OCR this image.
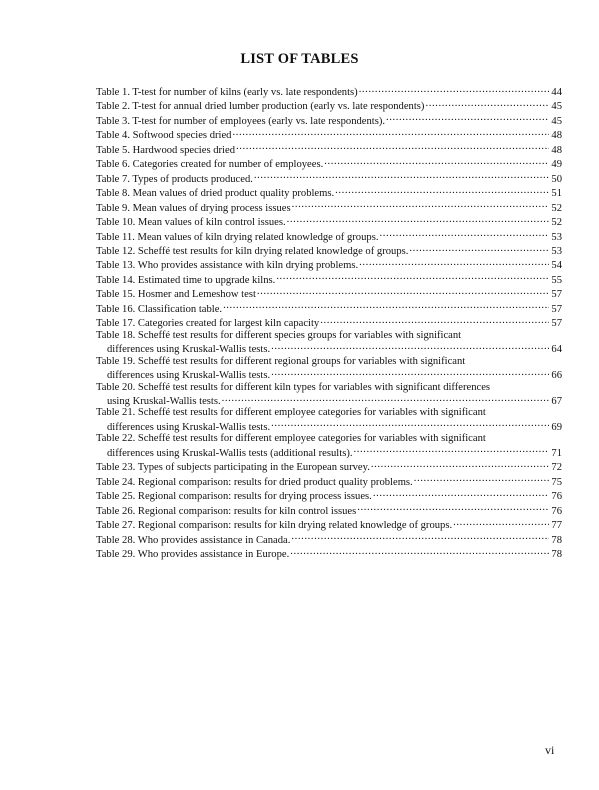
LIST OF TABLES
Table 1. T-test for number of kilns (early vs. late respondents) .....	44
Table 2. T-test for annual dried lumber production (early vs. late respondents) .....	45
Table 3. T-test for number of employees (early vs. late respondents). .....	45
Table 4. Softwood species dried .....	48
Table 5. Hardwood species dried .....	48
Table 6. Categories created for number of employees. .....	49
Table 7. Types of products produced. .....	50
Table 8. Mean values of dried product quality problems. .....	51
Table 9. Mean values of drying process issues .....	52
Table 10. Mean values of kiln control issues. .....	52
Table 11. Mean values of kiln drying related knowledge of groups. .....	53
Table 12. Scheffé test results for kiln drying related knowledge of groups. .....	53
Table 13. Who provides assistance with kiln drying problems. .....	54
Table 14. Estimated time to upgrade kilns. .....	55
Table 15. Hosmer and Lemeshow test .....	57
Table 16. Classification table. .....	57
Table 17. Categories created for largest kiln capacity .....	57
Table 18. Scheffé test results for different species groups for variables with significant
differences using Kruskal-Wallis tests. .....	64
Table 19. Scheffé test results for different regional groups for variables with significant
differences using Kruskal-Wallis tests. .....	66
Table 20. Scheffé test results for different kiln types for variables with significant differences
using Kruskal-Wallis tests. .....	67
Table 21. Scheffé test results for different employee categories for variables with significant
differences using Kruskal-Wallis tests. .....	69
Table 22. Scheffé test results for different employee categories for variables with significant
differences using Kruskal-Wallis tests (additional results). .....	71
Table 23. Types of subjects participating in the European survey. .....	72
Table 24. Regional comparison: results for dried product quality problems. .....	75
Table 25. Regional comparison: results for drying process issues. .....	76
Table 26. Regional comparison: results for kiln control issues .....	76
Table 27. Regional comparison: results for kiln drying related knowledge of groups. .....	77
Table 28. Who provides assistance in Canada. .....	78
Table 29. Who provides assistance in Europe. .....	78
vi
